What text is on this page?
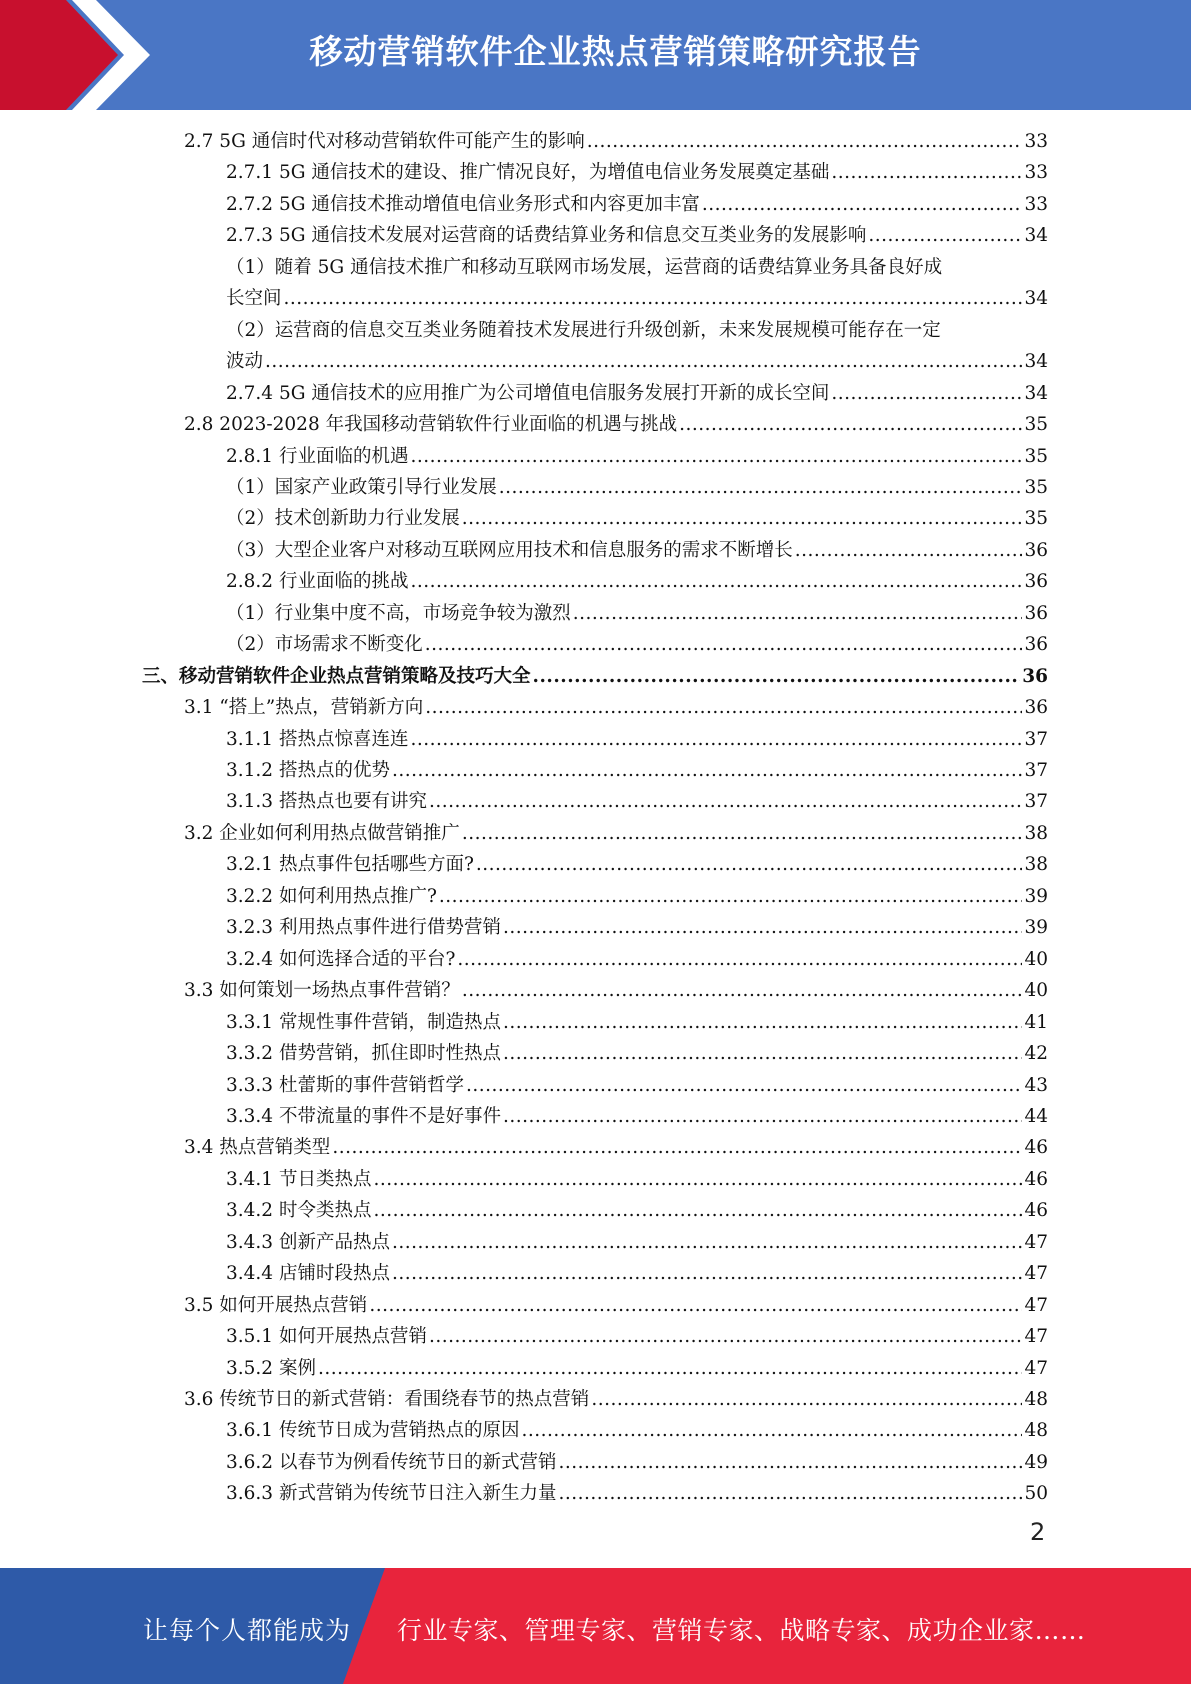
移动营销软件企业热点营销策略研究报告
2.7 5G 通信时代对移动营销软件可能产生的影响 .....	33
2.7.1 5G 通信技术的建设、推广情况良好，为增值电信业务发展奠定基础 .....	33
2.7.2 5G 通信技术推动增值电信业务形式和内容更加丰富 .....	33
2.7.3 5G 通信技术发展对运营商的话费结算业务和信息交互类业务的发展影响 .....	34
（1）随着 5G 通信技术推广和移动互联网市场发展，运营商的话费结算业务具备良好成
长空间 .....	34
（2）运营商的信息交互类业务随着技术发展进行升级创新，未来发展规模可能存在一定
波动 .....	34
2.7.4 5G 通信技术的应用推广为公司增值电信服务发展打开新的成长空间 .....	34
2.8 2023-2028 年我国移动营销软件行业面临的机遇与挑战 .....	35
2.8.1 行业面临的机遇 .....	35
（1）国家产业政策引导行业发展 .....	35
（2）技术创新助力行业发展 .....	35
（3）大型企业客户对移动互联网应用技术和信息服务的需求不断增长 .....	36
2.8.2 行业面临的挑战 .....	36
（1）行业集中度不高，市场竞争较为激烈 .....	36
（2）市场需求不断变化 .....	36
三、移动营销软件企业热点营销策略及技巧大全 .....	36
3.1 “搭上”热点，营销新方向 .....	36
3.1.1 搭热点惊喜连连 .....	37
3.1.2 搭热点的优势 .....	37
3.1.3 搭热点也要有讲究 .....	37
3.2 企业如何利用热点做营销推广 .....	38
3.2.1 热点事件包括哪些方面? .....	38
3.2.2 如何利用热点推广? .....	39
3.2.3 利用热点事件进行借势营销 .....	39
3.2.4 如何选择合适的平台? .....	40
3.3 如何策划一场热点事件营销？ .....	40
3.3.1 常规性事件营销，制造热点 .....	41
3.3.2 借势营销，抓住即时性热点 .....	42
3.3.3 杜蕾斯的事件营销哲学 .....	43
3.3.4 不带流量的事件不是好事件 .....	44
3.4 热点营销类型 .....	46
3.4.1 节日类热点 .....	46
3.4.2 时令类热点 .....	46
3.4.3 创新产品热点 .....	47
3.4.4 店铺时段热点 .....	47
3.5 如何开展热点营销 .....	47
3.5.1 如何开展热点营销 .....	47
3.5.2 案例 .....	47
3.6 传统节日的新式营销：看围绕春节的热点营销 .....	48
3.6.1 传统节日成为营销热点的原因 .....	48
3.6.2 以春节为例看传统节日的新式营销 .....	49
3.6.3 新式营销为传统节日注入新生力量 .....	50
2
让每个人都能成为 行业专家、管理专家、营销专家、战略专家、成功企业家……
